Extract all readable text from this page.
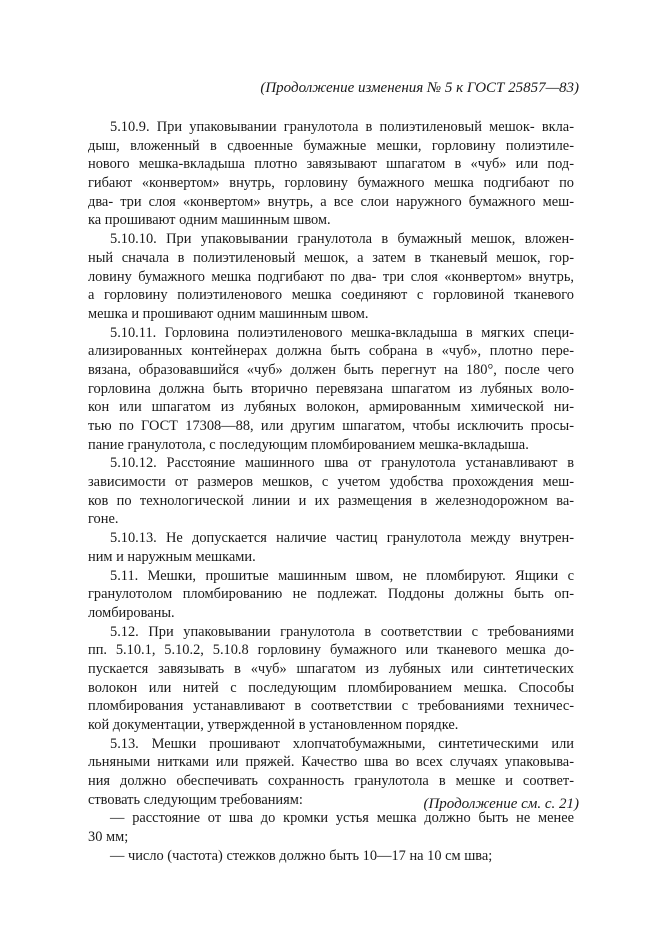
(Продолжение изменения № 5 к ГОСТ 25857—83)
5.10.9. При упаковывании гранулотола в полиэтиленовый мешок- вкла-
дыш, вложенный в сдвоенные бумажные мешки, горловину полиэтиле-
нового мешка-вкладыша плотно завязывают шпагатом в «чуб» или под-
гибают «конвертом» внутрь, горловину бумажного мешка подгибают по
два- три слоя «конвертом» внутрь, а все слои наружного бумажного меш-
ка прошивают одним машинным швом.
5.10.10. При упаковывании гранулотола в бумажный мешок, вложен-
ный сначала в полиэтиленовый мешок, а затем в тканевый мешок, гор-
ловину бумажного мешка подгибают по два- три слоя «конвертом» внутрь,
а горловину полиэтиленового мешка соединяют с горловиной тканевого
мешка и прошивают одним машинным швом.
5.10.11. Горловина полиэтиленового мешка-вкладыша в мягких специ-
ализированных контейнерах должна быть собрана в «чуб», плотно пере-
вязана, образовавшийся «чуб» должен быть перегнут на 180°, после чего
горловина должна быть вторично перевязана шпагатом из лубяных воло-
кон или шпагатом из лубяных волокон, армированным химической ни-
тью по ГОСТ 17308—88, или другим шпагатом, чтобы исключить просы-
пание гранулотола, с последующим пломбированием мешка-вкладыша.
5.10.12. Расстояние машинного шва от гранулотола устанавливают в
зависимости от размеров мешков, с учетом удобства прохождения меш-
ков по технологической линии и их размещения в железнодорожном ва-
гоне.
5.10.13. Не допускается наличие частиц гранулотола между внутрен-
ним и наружным мешками.
5.11. Мешки, прошитые машинным швом, не пломбируют. Ящики с
гранулотолом пломбированию не подлежат. Поддоны должны быть оп-
ломбированы.
5.12. При упаковывании гранулотола в соответствии с требованиями
пп. 5.10.1, 5.10.2, 5.10.8 горловину бумажного или тканевого мешка до-
пускается завязывать в «чуб» шпагатом из лубяных или синтетических
волокон или нитей с последующим пломбированием мешка. Способы
пломбирования устанавливают в соответствии с требованиями техничес-
кой документации, утвержденной в установленном порядке.
5.13. Мешки прошивают хлопчатобумажными, синтетическими или
льняными нитками или пряжей. Качество шва во всех случаях упаковыва-
ния должно обеспечивать сохранность гранулотола в мешке и соответ-
ствовать следующим требованиям:
— расстояние от шва до кромки устья мешка должно быть не менее
30 мм;
— число (частота) стежков должно быть 10—17 на 10 см шва;
(Продолжение см. с. 21)
